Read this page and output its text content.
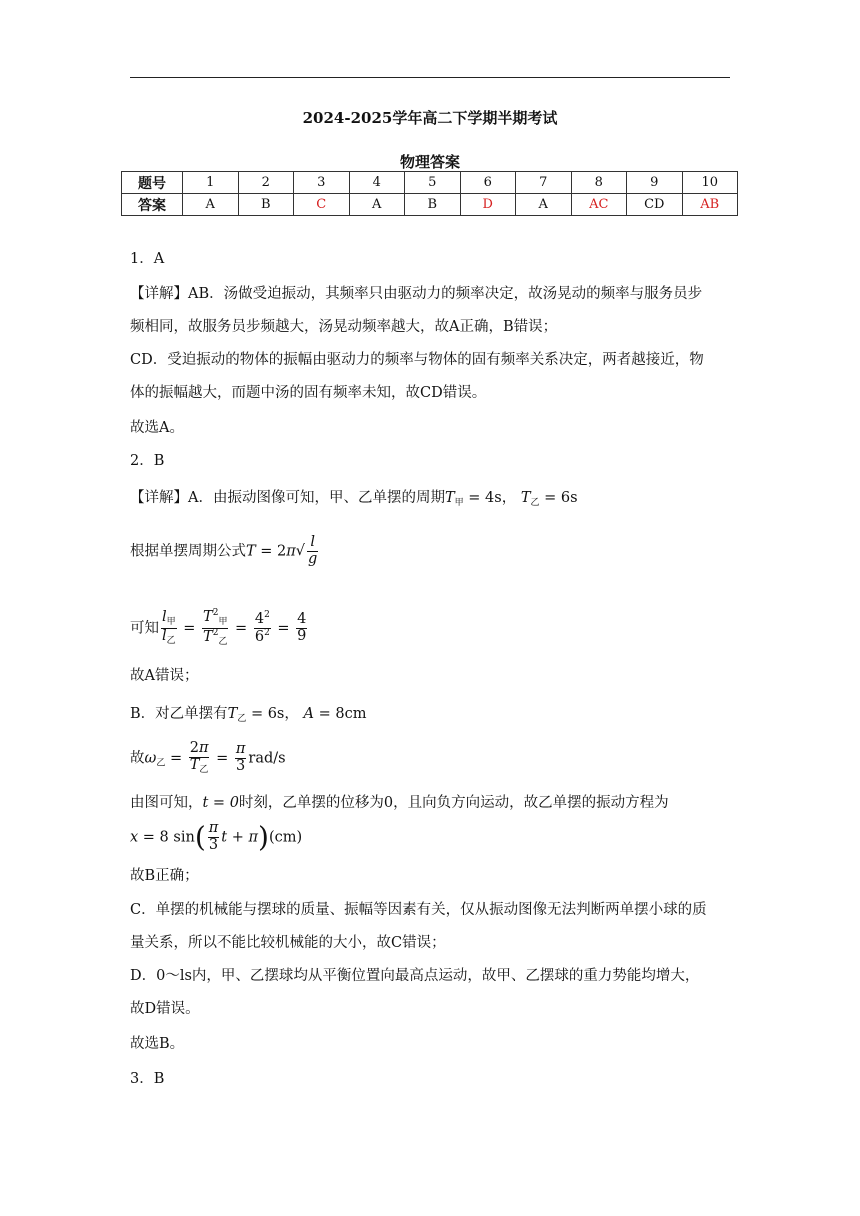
2024-2025学年高二下学期半期考试
物理答案
题号	1	2	3	4	5	6	7	8	9	10
答案	A	B	C	A	B	D	A	AC	CD	AB
1．A
【详解】AB．汤做受迫振动，其频率只由驱动力的频率决定，故汤晃动的频率与服务员步
频相同，故服务员步频越大，汤晃动频率越大，故A正确，B错误；
CD．受迫振动的物体的振幅由驱动力的频率与物体的固有频率关系决定，两者越接近，物
体的振幅越大，而题中汤的固有频率未知，故CD错误。
故选A。
2．B
【详解】A．由振动图像可知，甲、乙单摆的周期$T_甲 = 4s$， $T_乙 = 6s$
根据单摆周期公式$T = 2\pi√ \frac{l}{g}$
可知 $\frac{l_甲}{l_乙} = \frac{T^2_甲}{T^2_乙} = \frac{4^2}{6^2} = \frac{4}{9}$
故A错误；
B．对乙单摆有$T_乙 = 6s$， A = 8cm
故$\omega_乙 = \frac{2\pi}{T_乙} = \frac{\pi}{3} rad/s$
由图可知，t = 0时刻，乙单摆的位移为0，且向负方向运动，故乙单摆的振动方程为
x = 8 $\sin( \frac{\pi}{3}$ t + π)(cm)
故B正确；
C．单摆的机械能与摆球的质量、振幅等因素有关，仅从振动图像无法判断两单摆小球的质
量关系，所以不能比较机械能的大小，故C错误；
D．0～ls内，甲、乙摆球均从平衡位置向最高点运动，故甲、乙摆球的重力势能均增大，
故D错误。
故选B。
3．B
